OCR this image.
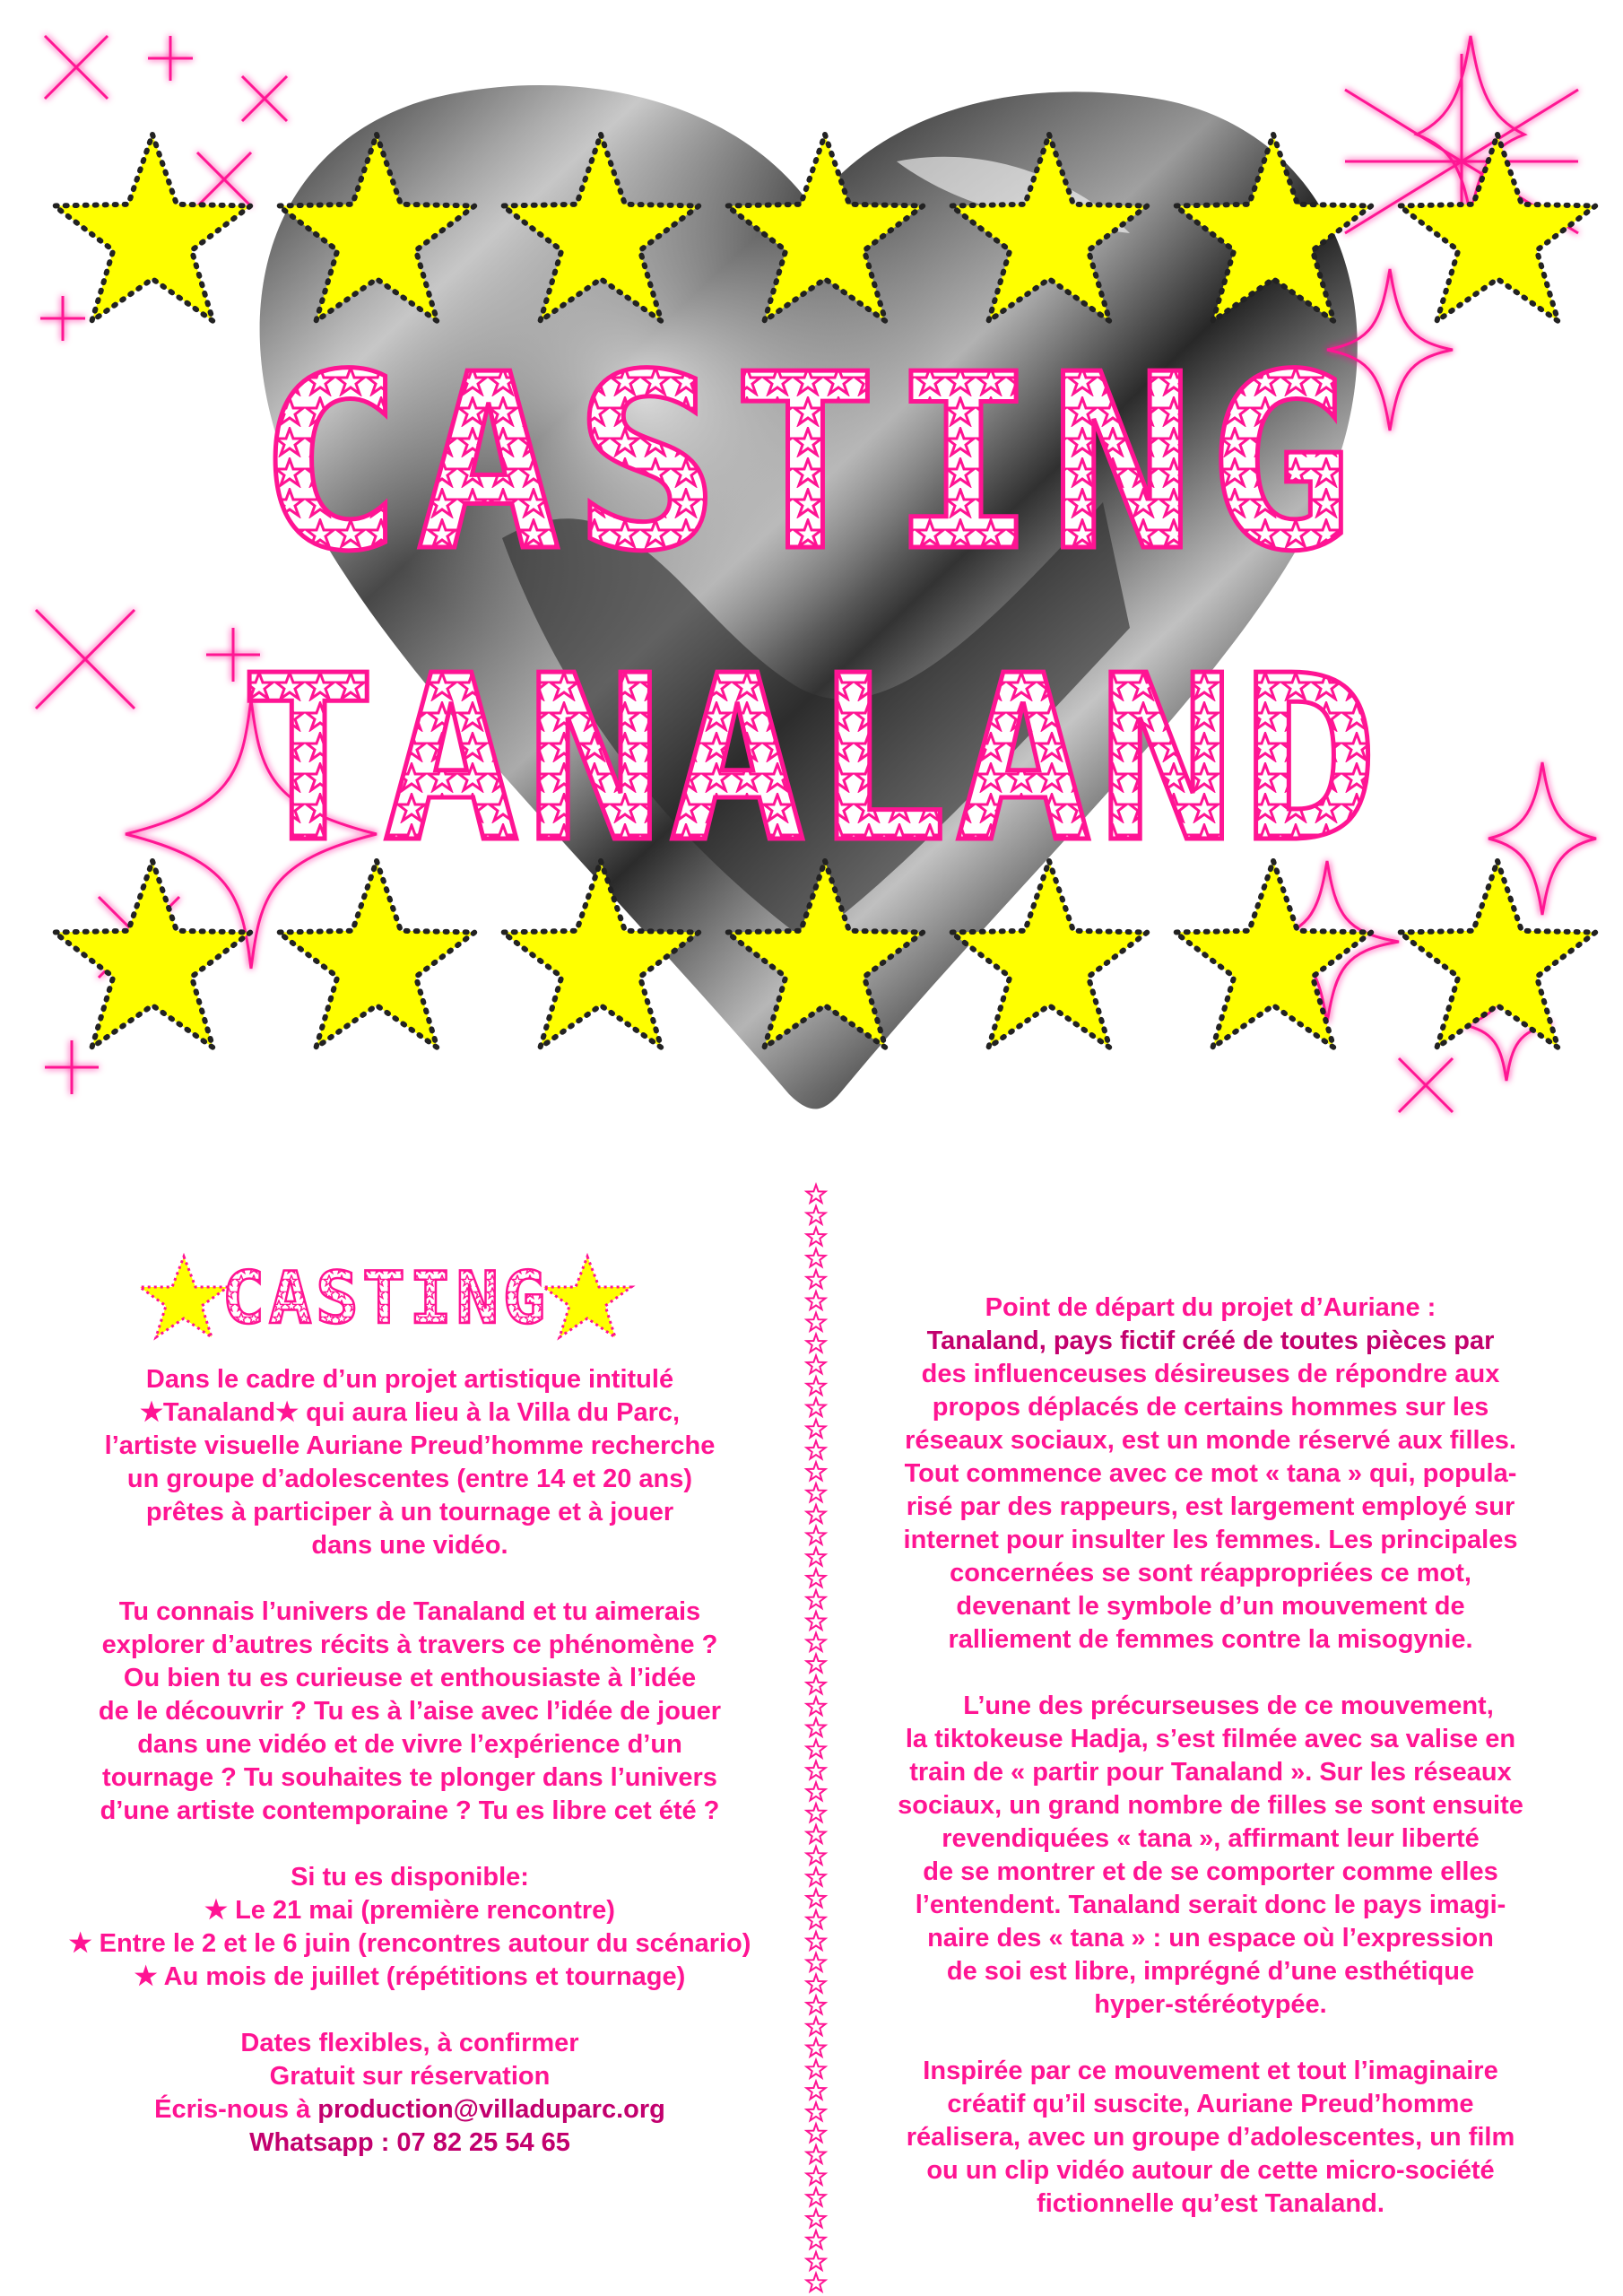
CASTING
TANALAND
CASTING

Dans le cadre d’un projet artistique intitulé
★Tanaland★ qui aura lieu à la Villa du Parc,
l’artiste visuelle Auriane Preud’homme recherche
un groupe d’adolescentes (entre 14 et 20 ans)
prêtes à participer à un tournage et à jouer
dans une vidéo.

Tu connais l’univers de Tanaland et tu aimerais
explorer d’autres récits à travers ce phénomène ?
Ou bien tu es curieuse et enthousiaste à l’idée
de le découvrir ? Tu es à l’aise avec l’idée de jouer
dans une vidéo et de vivre l’expérience d’un
tournage ? Tu souhaites te plonger dans l’univers
d’une artiste contemporaine ? Tu es libre cet été ?

Si tu es disponible:
★ Le 21 mai (première rencontre)
★ Entre le 2 et le 6 juin (rencontres autour du scénario)
★ Au mois de juillet (répétitions et tournage)

Dates flexibles, à confirmer
Gratuit sur réservation
Écris-nous à production@villaduparc.org
Whatsapp : 07 82 25 54 65

Point de départ du projet d’Auriane :
Tanaland, pays fictif créé de toutes pièces par
des influenceuses désireuses de répondre aux
propos déplacés de certains hommes sur les
réseaux sociaux, est un monde réservé aux filles.
Tout commence avec ce mot « tana » qui, popula-
risé par des rappeurs, est largement employé sur
internet pour insulter les femmes. Les principales
concernées se sont réappropriées ce mot,
devenant le symbole d’un mouvement de
ralliement de femmes contre la misogynie.

L’une des précurseuses de ce mouvement,
la tiktokeuse Hadja, s’est filmée avec sa valise en
train de « partir pour Tanaland ». Sur les réseaux
sociaux, un grand nombre de filles se sont ensuite
revendiquées « tana », affirmant leur liberté
de se montrer et de se comporter comme elles
l’entendent. Tanaland serait donc le pays imagi-
naire des « tana » : un espace où l’expression
de soi est libre, imprégné d’une esthétique
hyper-stéréotypée.

Inspirée par ce mouvement et tout l’imaginaire
créatif qu’il suscite, Auriane Preud’homme
réalisera, avec un groupe d’adolescentes, un film
ou un clip vidéo autour de cette micro-société
fictionnelle qu’est Tanaland.
